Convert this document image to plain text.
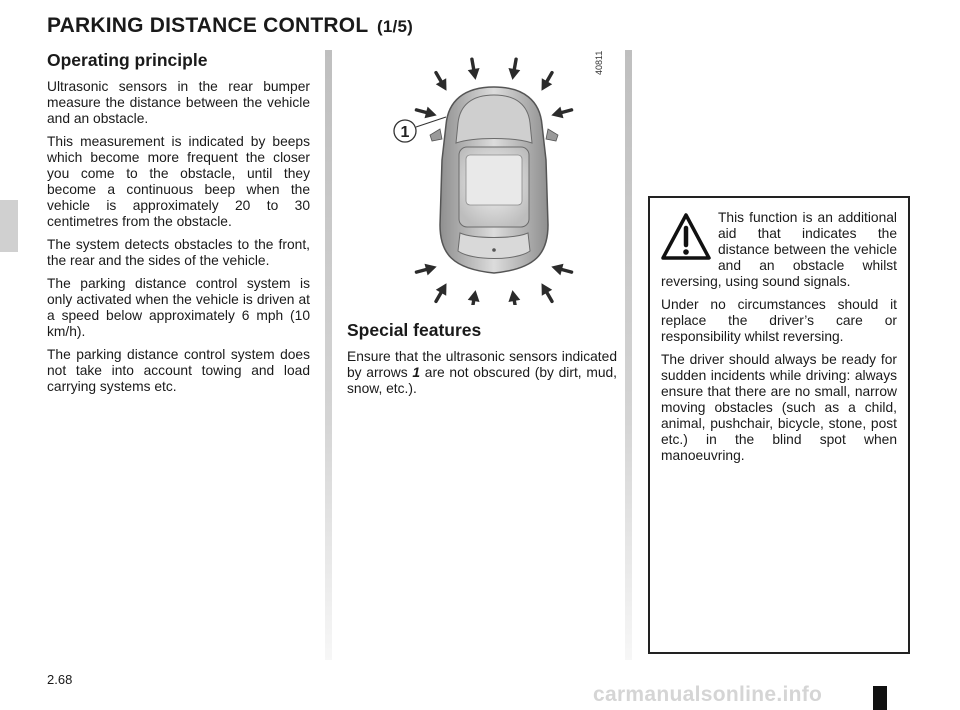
PARKING DISTANCE CONTROL (1/5)
Operating principle

Ultrasonic sensors in the rear bumper measure the distance between the vehicle and an obstacle.

This measurement is indicated by beeps which become more frequent the closer you come to the obstacle, until they become a continuous beep when the vehicle is approximately 20 to 30 centimetres from the obstacle.

The system detects obstacles to the front, the rear and the sides of the vehicle.

The parking distance control system is only activated when the vehicle is driven at a speed below approximately 6 mph (10 km/h).

The parking distance control system does not take into account towing and load carrying systems etc.

1
40811
Special features

Ensure that the ultrasonic sensors indicated by arrows 1 are not obscured (by dirt, mud, snow, etc.).

This function is an additional aid that indicates the distance between the vehicle and an obstacle whilst reversing, using sound signals.

Under no circumstances should it replace the driver’s care or responsibility whilst reversing.

The driver should always be ready for sudden incidents while driving: always ensure that there are no small, narrow moving obstacles (such as a child, animal, pushchair, bicycle, stone, post etc.) in the blind spot when manoeuvring.

2.68
carmanualsonline.info
